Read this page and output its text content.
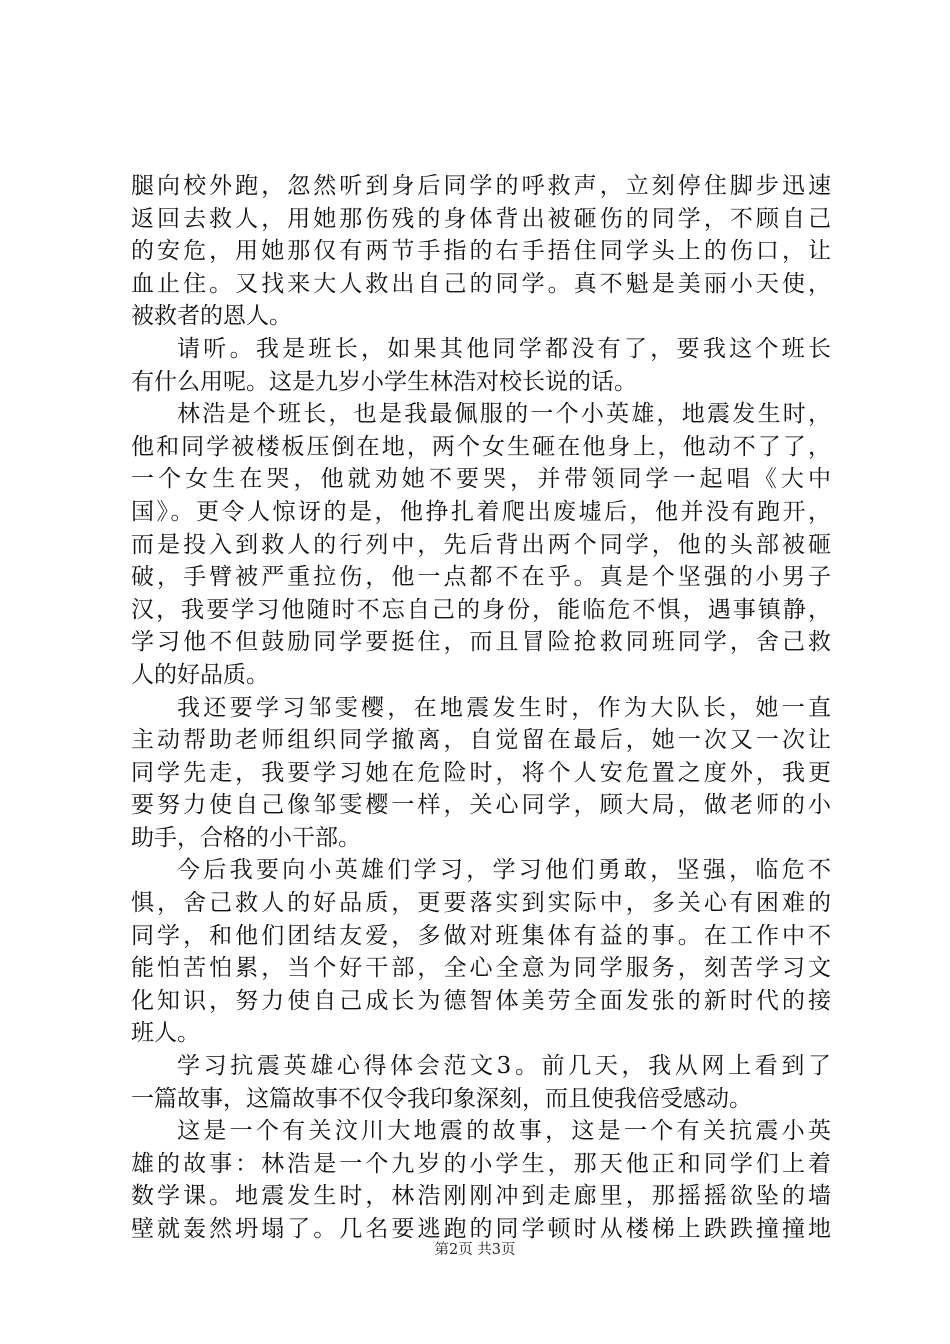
腿向校外跑，忽然听到身后同学的呼救声，立刻停住脚步迅速
返回去救人，用她那伤残的身体背出被砸伤的同学，不顾自己
的安危，用她那仅有两节手指的右手捂住同学头上的伤口，让
血止住。又找来大人救出自己的同学。真不魁是美丽小天使，
被救者的恩人。
请听。我是班长，如果其他同学都没有了，要我这个班长
有什么用呢。这是九岁小学生林浩对校长说的话。
林浩是个班长，也是我最佩服的一个小英雄，地震发生时，
他和同学被楼板压倒在地，两个女生砸在他身上，他动不了了，
一个女生在哭，他就劝她不要哭，并带领同学一起唱《大中
国》。更令人惊讶的是，他挣扎着爬出废墟后，他并没有跑开，
而是投入到救人的行列中，先后背出两个同学，他的头部被砸
破，手臂被严重拉伤，他一点都不在乎。真是个坚强的小男子
汉，我要学习他随时不忘自己的身份，能临危不惧，遇事镇静，
学习他不但鼓励同学要挺住，而且冒险抢救同班同学，舍己救
人的好品质。
我还要学习邹雯樱，在地震发生时，作为大队长，她一直
主动帮助老师组织同学撤离，自觉留在最后，她一次又一次让
同学先走，我要学习她在危险时，将个人安危置之度外，我更
要努力使自己像邹雯樱一样，关心同学，顾大局，做老师的小
助手，合格的小干部。
今后我要向小英雄们学习，学习他们勇敢，坚强，临危不
惧，舍己救人的好品质，更要落实到实际中，多关心有困难的
同学，和他们团结友爱，多做对班集体有益的事。在工作中不
能怕苦怕累，当个好干部，全心全意为同学服务，刻苦学习文
化知识，努力使自己成长为德智体美劳全面发张的新时代的接
班人。
学习抗震英雄心得体会范文3。前几天，我从网上看到了
一篇故事，这篇故事不仅令我印象深刻，而且使我倍受感动。
这是一个有关汶川大地震的故事，这是一个有关抗震小英
雄的故事：林浩是一个九岁的小学生，那天他正和同学们上着
数学课。地震发生时，林浩刚刚冲到走廊里，那摇摇欲坠的墙
壁就轰然坍塌了。几名要逃跑的同学顿时从楼梯上跌跌撞撞地
第2页 共3页
